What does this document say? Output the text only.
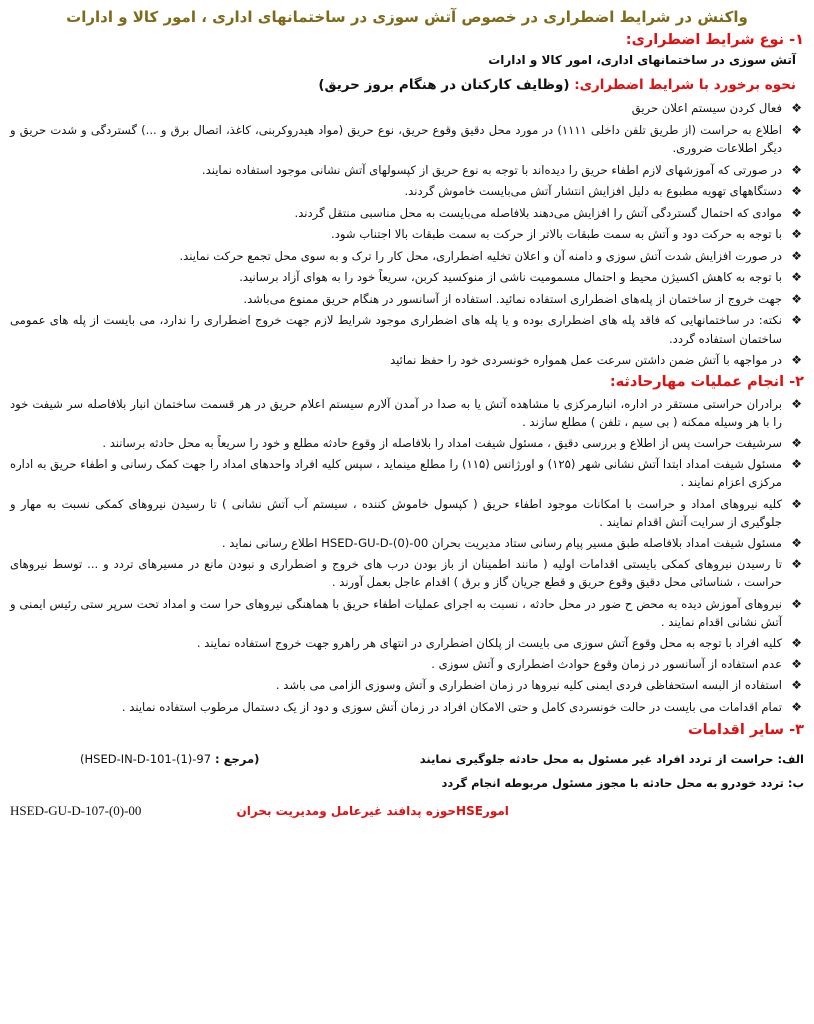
واکنش در شرایط اضطراری در خصوص آتش سوزی در ساختمانهای اداری ، امور کالا و ادارات
۱- نوع شرایط اضطراری:
آتش سوزی در ساختمانهای اداری، امور کالا و ادارات
نحوه برخورد با شرایط اضطراری: (وظایف کارکنان در هنگام بروز حریق)
❖
فعال کردن سیستم اعلان حریق
❖
اطلاع به حراست (از طریق تلفن داخلی ۱۱۱۱) در مورد محل دقیق وقوع حریق، نوع حریق (مواد هیدروکربنی، کاغذ، اتصال برق و ...) گستردگی و شدت حریق و دیگر اطلاعات ضروری.
❖
در صورتی که آموزشهای لازم اطفاء حریق را دیده‌اند با توجه به نوع حریق از کپسولهای آتش نشانی موجود استفاده نمایند.
❖
دستگاههای تهویه مطبوع به دلیل افزایش انتشار آتش می‌بایست خاموش گردند.
❖
موادی که احتمال گستردگی آتش را افزایش می‌دهند بلافاصله می‌بایست به محل مناسبی منتقل گردند.
❖
با توجه به حرکت دود و آتش به سمت طبقات بالاتر از حرکت به سمت طبقات بالا اجتناب شود.
❖
در صورت افزایش شدت آتش سوزی و دامنه آن و اعلان تخلیه اضطراری، محل کار را ترک و به سوی محل تجمع حرکت نمایند.
❖
با توجه به کاهش اکسیژن محیط و احتمال مسمومیت ناشی از منوکسید کربن، سریعاً خود را به هوای آزاد برسانید.
❖
جهت خروج از ساختمان از پله‌های اضطراری استفاده نمائید. استفاده از آسانسور در هنگام حریق ممنوع می‌باشد.
❖
نکته: در ساختمانهایی که فاقد پله های اضطراری بوده و یا پله های اضطراری موجود شرایط لازم جهت خروج اضطراری را ندارد، می بایست از پله های عمومی ساختمان استفاده گردد.
❖
در مواجهه با آتش ضمن داشتن سرعت عمل همواره خونسردی خود را حفظ نمائید
۲- انجام عملیات مهارحادثه:
❖
برادران حراستی مستقر در اداره، انبارمرکزی با مشاهده آتش یا به صدا در آمدن آلارم سیستم اعلام حریق در هر قسمت ساختمان انبار بلافاصله سر شیفت خود را با هر وسیله ممکنه ( بی سیم ، تلفن ) مطلع سازند .
❖
سرشیفت حراست پس از اطلاع و بررسی دقیق ، مسئول شیفت امداد را بلافاصله از وقوع حادثه مطلع و خود را سریعاً به محل حادثه برسانند .
❖
مسئول شیفت امداد ابتدا آتش نشانی شهر (۱۲۵) و اورژانس (۱۱۵) را مطلع مینماید ، سپس کلیه افراد واحدهای امداد را جهت کمک رسانی و اطفاء حریق به اداره مرکزی اعزام نمایند .
❖
کلیه نیروهای امداد و حراست با امکانات موجود اطفاء حریق ( کپسول خاموش کننده ، سیستم آب آتش نشانی ) تا رسیدن نیروهای کمکی نسبت به مهار و جلوگیری از سرایت آتش اقدام نمایند .
❖
مسئول شیفت امداد بلافاصله طبق مسیر پیام رسانی ستاد مدیریت بحران HSED-GU-D-(0)-00 اطلاع رسانی نماید .
❖
تا رسیدن نیروهای کمکی بایستی اقدامات اولیه ( مانند اطمینان از باز بودن درب های خروج و اضطراری و نبودن مانع در مسیرهای تردد و ... توسط نیروهای حراست ، شناسائی محل دقیق وقوع حریق و قطع جریان گاز و برق ) اقدام عاجل بعمل آورند .
❖
نیروهای آموزش دیده به محض ح ضور در محل حادثه ، نسبت به اجرای عملیات اطفاء حریق با هماهنگی نیروهای حرا ست و امداد تحت سرپر ستی رئیس ایمنی و آتش نشانی اقدام نمایند .
❖
کلیه افراد با توجه به محل وقوع آتش سوزی می بایست از پلکان اضطراری در انتهای هر راهرو جهت خروج استفاده نمایند .
❖
عدم استفاده از آسانسور در زمان وقوع حوادث اضطراری و آتش سوزی .
❖
استفاده از البسه استحفاظی فردی ایمنی کلیه نیروها در زمان اضطراری و آتش وسوزی الزامی می باشد .
❖
تمام اقدامات می بایست در حالت خونسردی کامل و حتی الامکان افراد در زمان آتش سوزی و دود از یک دستمال مرطوب استفاده نمایند .
۳- سایر اقدامات
الف: حراست از تردد افراد غیر مسئول به محل حادثه جلوگیری نمایند
(مرجع : HSED-IN-D-101-(1)-97)
ب: تردد خودرو به محل حادثه با مجوز مسئول مربوطه انجام گردد
امورHSEحوزه پدافند غیرعامل ومدیریت بحران
HSED-GU-D-107-(0)-00
